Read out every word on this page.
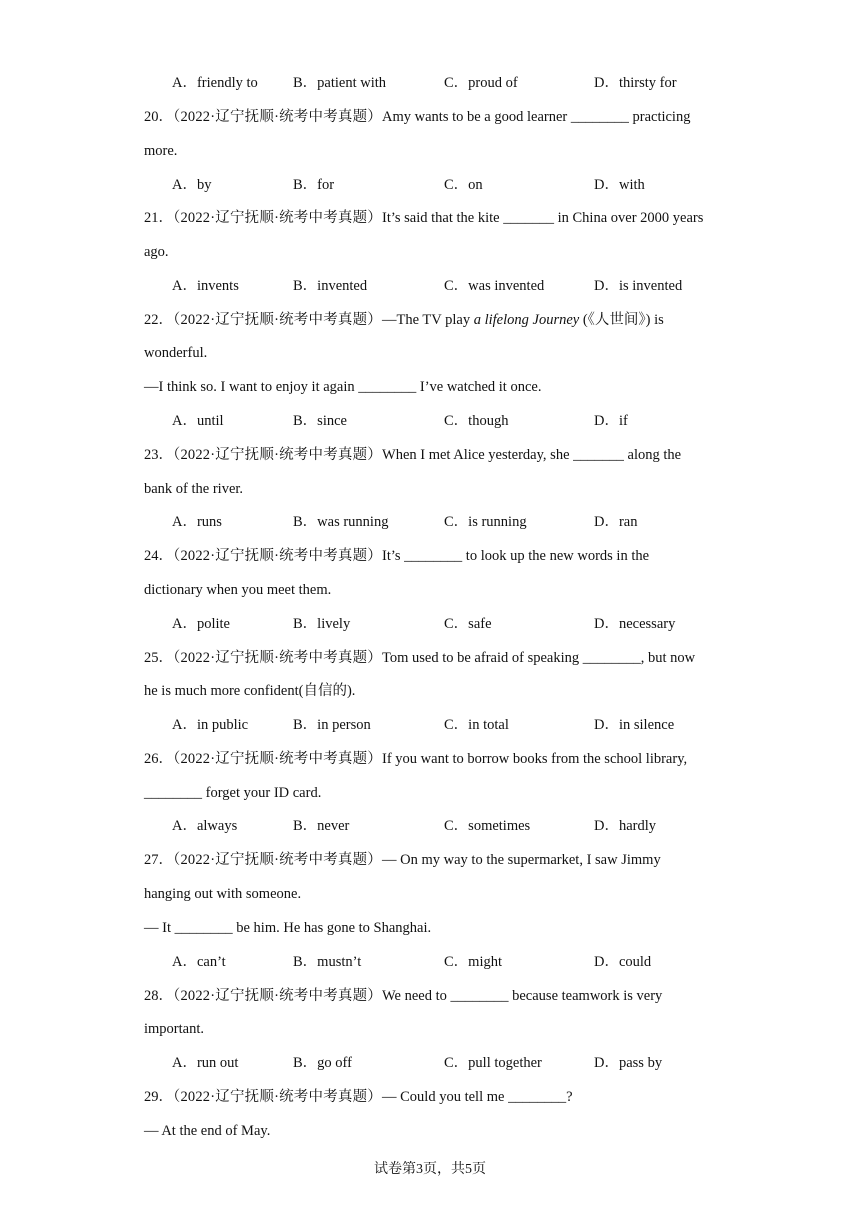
A．friendly to B．patient with	C．proud of	D．thirsty for
20．（2022·辽宁抚顺·统考中考真题）Amy wants to be a good learner ________ practicing
more.
A．by	B．for	C．on	D．with
21．（2022·辽宁抚顺·统考中考真题）It’s said that the kite _______ in China over 2000 years
ago.
A．invents	B．invented	C．was invented	D．is invented
22．（2022·辽宁抚顺·统考中考真题）—The TV play a lifelong Journey (《人世间》) is
wonderful.
—I think so. I want to enjoy it again ________ I’ve watched it once.
A．until	B．since	C．though	D．if
23．（2022·辽宁抚顺·统考中考真题）When I met Alice yesterday, she _______ along the
bank of the river.
A．runs	B．was running	C．is running	D．ran
24．（2022·辽宁抚顺·统考中考真题）It’s ________ to look up the new words in the
dictionary when you meet them.
A．polite	B．lively	C．safe	D．necessary
25．（2022·辽宁抚顺·统考中考真题）Tom used to be afraid of speaking ________, but now
he is much more confident(自信的).
A．in public	B．in person	C．in total	D．in silence
26．（2022·辽宁抚顺·统考中考真题）If you want to borrow books from the school library,
________ forget your ID card.
A．always	B．never	C．sometimes	D．hardly
27．（2022·辽宁抚顺·统考中考真题）— On my way to the supermarket, I saw Jimmy
hanging out with someone.
— It ________ be him. He has gone to Shanghai.
A．can’t	B．mustn’t	C．might	D．could
28．（2022·辽宁抚顺·统考中考真题）We need to ________ because teamwork is very
important.
A．run out	B．go off	C．pull together	D．pass by
29．（2022·辽宁抚顺·统考中考真题）— Could you tell me ________?
— At the end of May.
试卷第3页，共5页
